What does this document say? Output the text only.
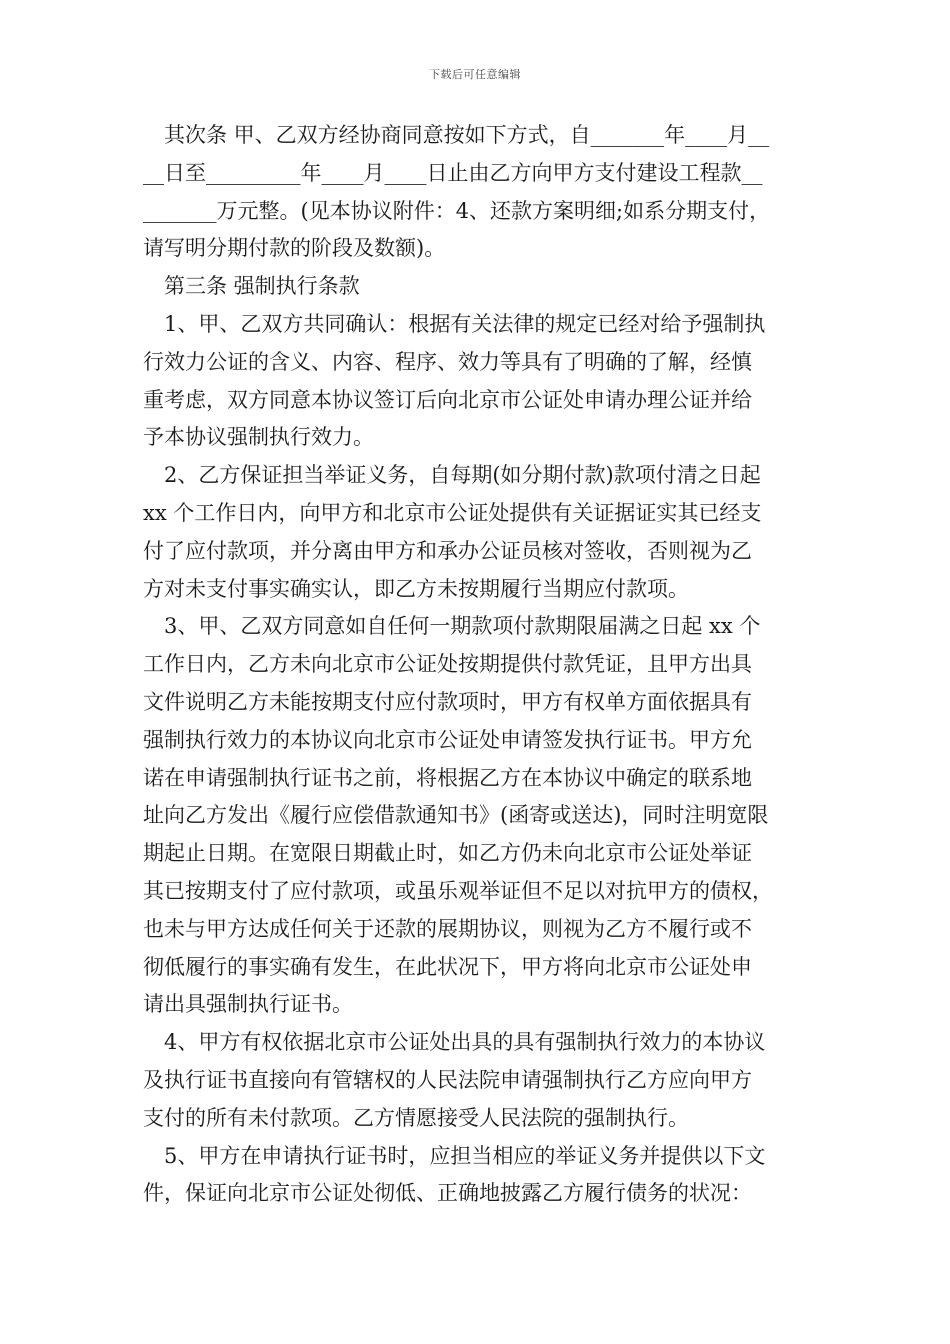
下载后可任意编辑

　其次条 甲、乙双方经协商同意按如下方式，自_______年____月__
__日至_________年____月____日止由乙方向甲方支付建设工程款__
_______万元整。(见本协议附件：4、还款方案明细;如系分期支付，
请写明分期付款的阶段及数额)。

　第三条 强制执行条款

　1、甲、乙双方共同确认：根据有关法律的规定已经对给予强制执
行效力公证的含义、内容、程序、效力等具有了明确的了解，经慎
重考虑，双方同意本协议签订后向北京市公证处申请办理公证并给
予本协议强制执行效力。

　2、乙方保证担当举证义务，自每期(如分期付款)款项付清之日起
xx 个工作日内，向甲方和北京市公证处提供有关证据证实其已经支
付了应付款项，并分离由甲方和承办公证员核对签收，否则视为乙
方对未支付事实确实认，即乙方未按期履行当期应付款项。

　3、甲、乙双方同意如自任何一期款项付款期限届满之日起 xx 个
工作日内，乙方未向北京市公证处按期提供付款凭证，且甲方出具
文件说明乙方未能按期支付应付款项时，甲方有权单方面依据具有
强制执行效力的本协议向北京市公证处申请签发执行证书。甲方允
诺在申请强制执行证书之前，将根据乙方在本协议中确定的联系地
址向乙方发出《履行应偿借款通知书》(函寄或送达)，同时注明宽限
期起止日期。在宽限日期截止时，如乙方仍未向北京市公证处举证
其已按期支付了应付款项，或虽乐观举证但不足以对抗甲方的债权，
也未与甲方达成任何关于还款的展期协议，则视为乙方不履行或不
彻低履行的事实确有发生，在此状况下，甲方将向北京市公证处申
请出具强制执行证书。

　4、甲方有权依据北京市公证处出具的具有强制执行效力的本协议
及执行证书直接向有管辖权的人民法院申请强制执行乙方应向甲方
支付的所有未付款项。乙方情愿接受人民法院的强制执行。

　5、甲方在申请执行证书时，应担当相应的举证义务并提供以下文
件，保证向北京市公证处彻低、正确地披露乙方履行债务的状况：
